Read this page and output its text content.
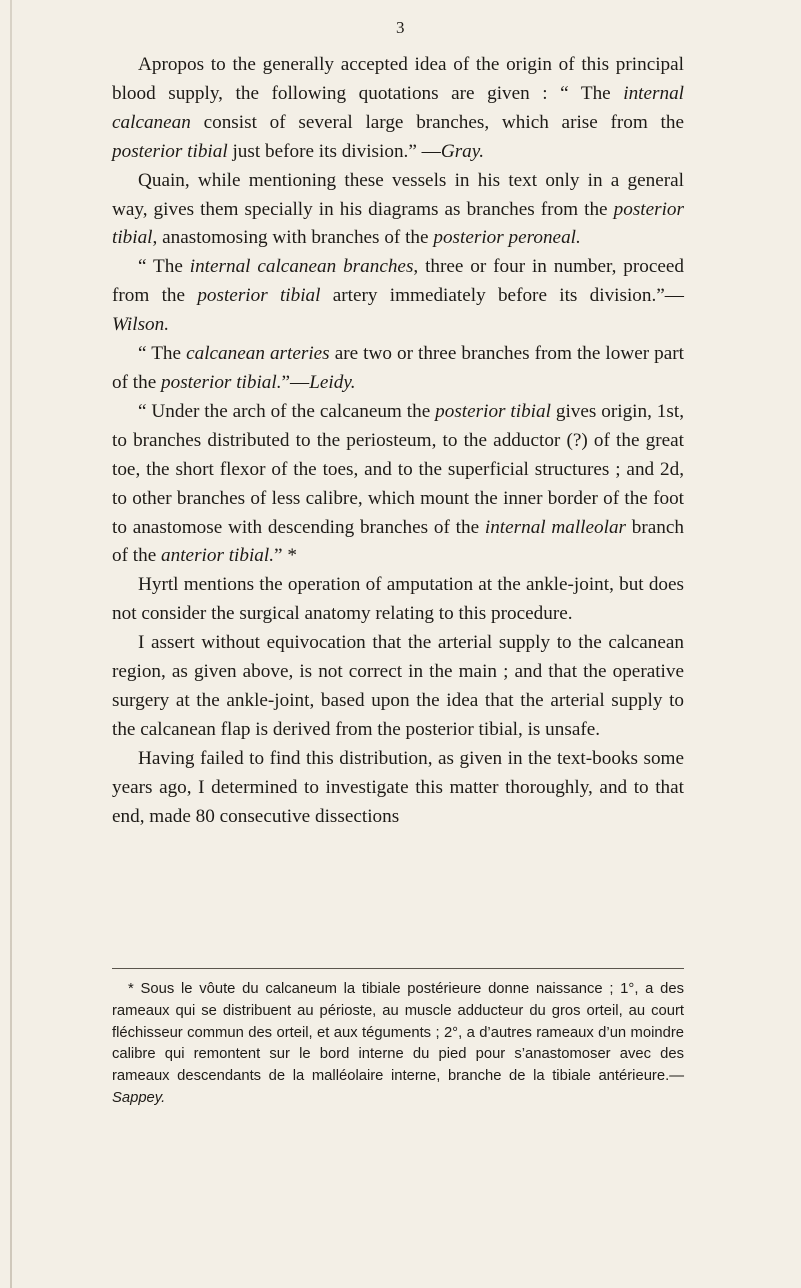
3

Apropos to the generally accepted idea of the origin of this principal blood supply, the following quotations are given : “ The internal calcanean consist of several large branches, which arise from the posterior tibial just before its division.” —Gray.

Quain, while mentioning these vessels in his text only in a general way, gives them specially in his diagrams as branches from the posterior tibial, anastomosing with branches of the posterior peroneal.

“ The internal calcanean branches, three or four in number, proceed from the posterior tibial artery immediately before its division.”— Wilson.

“ The calcanean arteries are two or three branches from the lower part of the posterior tibial.”—Leidy.

“ Under the arch of the calcaneum the posterior tibial gives origin, 1st, to branches distributed to the periosteum, to the adductor (?) of the great toe, the short flexor of the toes, and to the superficial structures ; and 2d, to other branches of less calibre, which mount the inner border of the foot to anastomose with descending branches of the internal malleolar branch of the anterior tibial.” *

Hyrtl mentions the operation of amputation at the ankle-joint, but does not consider the surgical anatomy relating to this procedure.

I assert without equivocation that the arterial supply to the calcanean region, as given above, is not correct in the main ; and that the operative surgery at the ankle-joint, based upon the idea that the arterial supply to the calcanean flap is derived from the posterior tibial, is unsafe.

Having failed to find this distribution, as given in the text-books some years ago, I determined to investigate this matter thoroughly, and to that end, made 80 consecutive dissections

* Sous le vôute du calcaneum la tibiale postérieure donne naissance ; 1°, a des rameaux qui se distribuent au périoste, au muscle adducteur du gros orteil, au court fléchisseur commun des orteil, et aux téguments ; 2°, a d’autres rameaux d’un moindre calibre qui remontent sur le bord interne du pied pour s’anastomoser avec des rameaux descendants de la malléolaire interne, branche de la tibiale antérieure.—Sappey.
